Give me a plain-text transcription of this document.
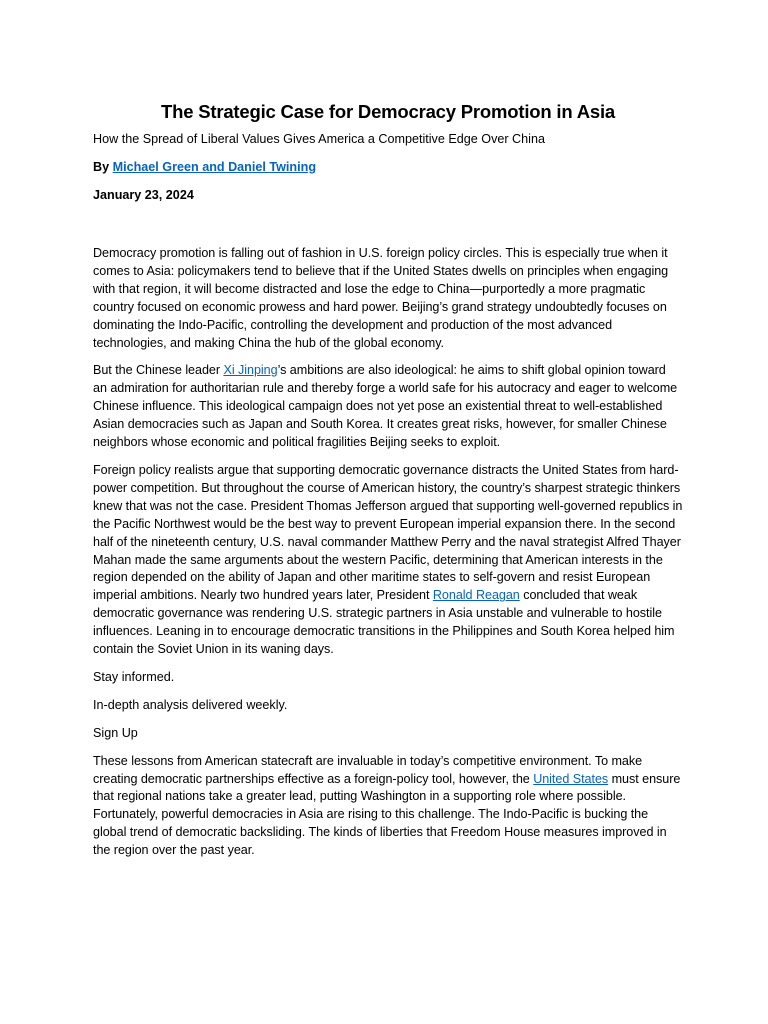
The Strategic Case for Democracy Promotion in Asia

How the Spread of Liberal Values Gives America a Competitive Edge Over China

By Michael Green and Daniel Twining

January 23, 2024

Democracy promotion is falling out of fashion in U.S. foreign policy circles. This is especially true when it comes to Asia: policymakers tend to believe that if the United States dwells on principles when engaging with that region, it will become distracted and lose the edge to China—purportedly a more pragmatic country focused on economic prowess and hard power. Beijing’s grand strategy undoubtedly focuses on dominating the Indo-Pacific, controlling the development and production of the most advanced technologies, and making China the hub of the global economy.

But the Chinese leader Xi Jinping’s ambitions are also ideological: he aims to shift global opinion toward an admiration for authoritarian rule and thereby forge a world safe for his autocracy and eager to welcome Chinese influence. This ideological campaign does not yet pose an existential threat to well-established Asian democracies such as Japan and South Korea. It creates great risks, however, for smaller Chinese neighbors whose economic and political fragilities Beijing seeks to exploit.

Foreign policy realists argue that supporting democratic governance distracts the United States from hard-power competition. But throughout the course of American history, the country’s sharpest strategic thinkers knew that was not the case. President Thomas Jefferson argued that supporting well-governed republics in the Pacific Northwest would be the best way to prevent European imperial expansion there. In the second half of the nineteenth century, U.S. naval commander Matthew Perry and the naval strategist Alfred Thayer Mahan made the same arguments about the western Pacific, determining that American interests in the region depended on the ability of Japan and other maritime states to self-govern and resist European imperial ambitions. Nearly two hundred years later, President Ronald Reagan concluded that weak democratic governance was rendering U.S. strategic partners in Asia unstable and vulnerable to hostile influences. Leaning in to encourage democratic transitions in the Philippines and South Korea helped him contain the Soviet Union in its waning days.

Stay informed.

In-depth analysis delivered weekly.

Sign Up

These lessons from American statecraft are invaluable in today’s competitive environment. To make creating democratic partnerships effective as a foreign-policy tool, however, the United States must ensure that regional nations take a greater lead, putting Washington in a supporting role where possible. Fortunately, powerful democracies in Asia are rising to this challenge. The Indo-Pacific is bucking the global trend of democratic backsliding. The kinds of liberties that Freedom House measures improved in the region over the past year.
